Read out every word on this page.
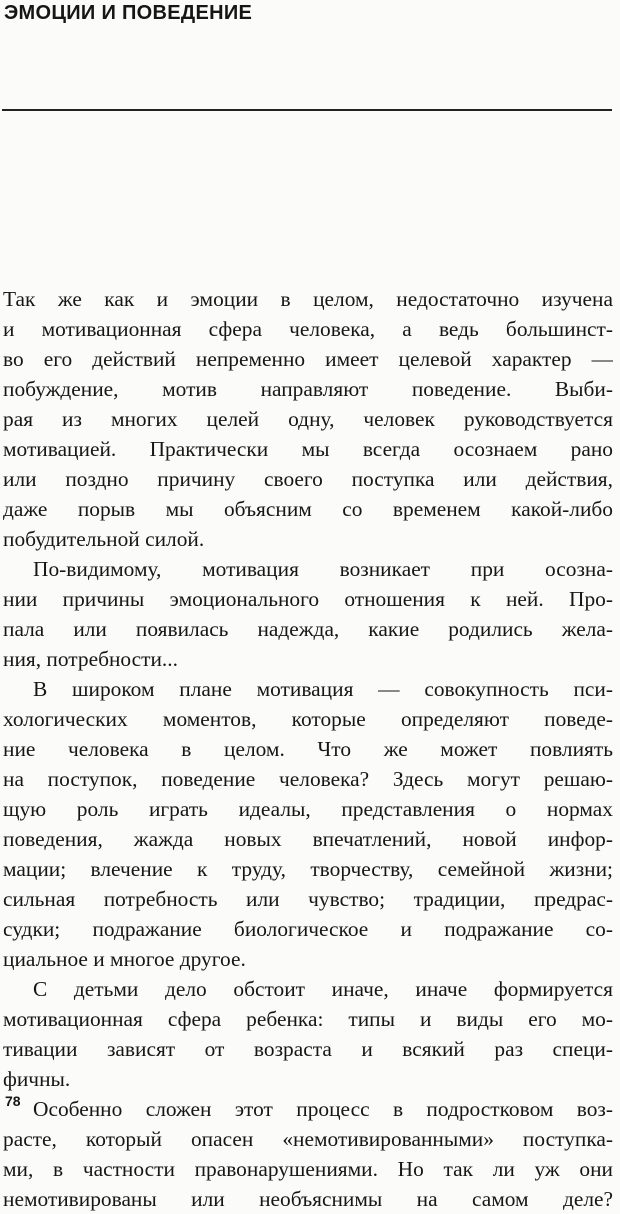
ЭМОЦИИ И ПОВЕДЕНИЕ
Так же как и эмоции в целом, недостаточно изучена
и мотивационная сфера человека, а ведь большинст-
во его действий непременно имеет целевой характер —
побуждение, мотив направляют поведение. Выби-
рая из многих целей одну, человек руководствуется
мотивацией. Практически мы всегда осознаем рано
или поздно причину своего поступка или действия,
даже порыв мы объясним со временем какой-либо
побудительной силой.
По-видимому, мотивация возникает при осозна-
нии причины эмоционального отношения к ней. Про-
пала или появилась надежда, какие родились жела-
ния, потребности...
В широком плане мотивация — совокупность пси-
хологических моментов, которые определяют поведе-
ние человека в целом. Что же может повлиять
на поступок, поведение человека? Здесь могут решаю-
щую роль играть идеалы, представления о нормах
поведения, жажда новых впечатлений, новой инфор-
мации; влечение к труду, творчеству, семейной жизни;
сильная потребность или чувство; традиции, предрас-
судки; подражание биологическое и подражание со-
циальное и многое другое.
С детьми дело обстоит иначе, иначе формируется
мотивационная сфера ребенка: типы и виды его мо-
тивации зависят от возраста и всякий раз специ-
фичны.
Особенно сложен этот процесс в подростковом воз-
расте, который опасен «немотивированными» поступка-
ми, в частности правонарушениями. Но так ли уж они
немотивированы или необъяснимы на самом деле?
78
